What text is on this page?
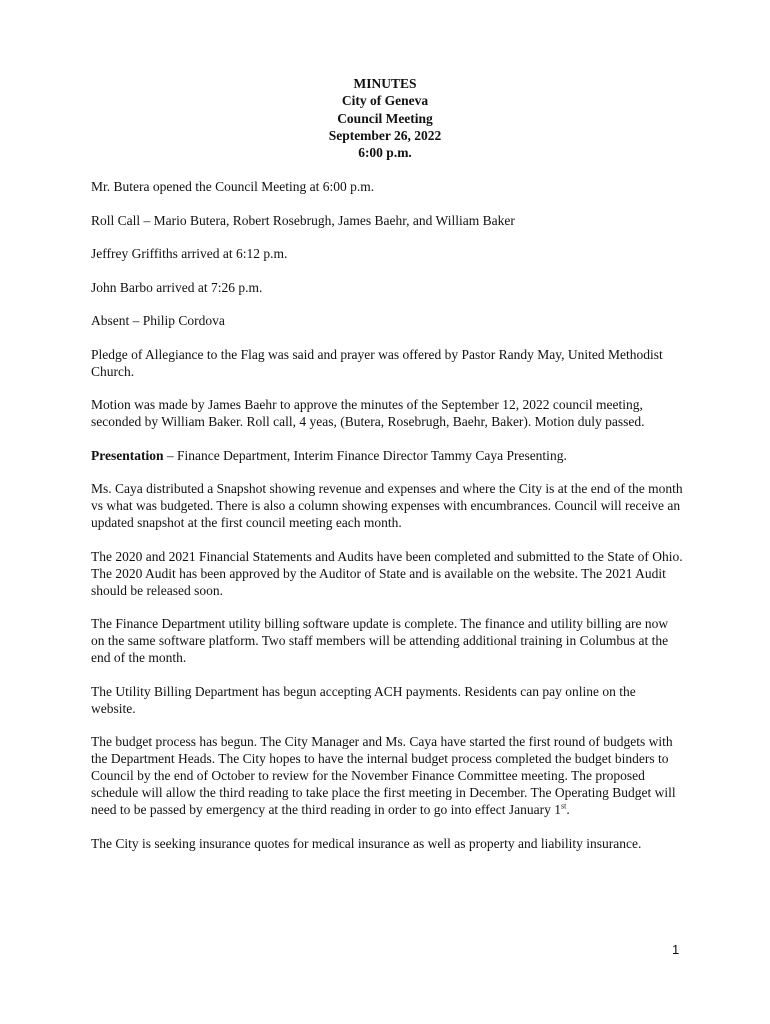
MINUTES
City of Geneva
Council Meeting
September 26, 2022
6:00 p.m.

Mr. Butera opened the Council Meeting at 6:00 p.m.

Roll Call – Mario Butera, Robert Rosebrugh, James Baehr, and William Baker

Jeffrey Griffiths arrived at 6:12 p.m.

John Barbo arrived at 7:26 p.m.

Absent – Philip Cordova

Pledge of Allegiance to the Flag was said and prayer was offered by Pastor Randy May, United Methodist Church.

Motion was made by James Baehr to approve the minutes of the September 12, 2022 council meeting, seconded by William Baker. Roll call, 4 yeas, (Butera, Rosebrugh, Baehr, Baker). Motion duly passed.

Presentation – Finance Department, Interim Finance Director Tammy Caya Presenting.

Ms. Caya distributed a Snapshot showing revenue and expenses and where the City is at the end of the month vs what was budgeted. There is also a column showing expenses with encumbrances. Council will receive an updated snapshot at the first council meeting each month.

The 2020 and 2021 Financial Statements and Audits have been completed and submitted to the State of Ohio. The 2020 Audit has been approved by the Auditor of State and is available on the website. The 2021 Audit should be released soon.

The Finance Department utility billing software update is complete. The finance and utility billing are now on the same software platform. Two staff members will be attending additional training in Columbus at the end of the month.

The Utility Billing Department has begun accepting ACH payments. Residents can pay online on the website.

The budget process has begun. The City Manager and Ms. Caya have started the first round of budgets with the Department Heads. The City hopes to have the internal budget process completed the budget binders to Council by the end of October to review for the November Finance Committee meeting. The proposed schedule will allow the third reading to take place the first meeting in December. The Operating Budget will need to be passed by emergency at the third reading in order to go into effect January 1st.

The City is seeking insurance quotes for medical insurance as well as property and liability insurance.

1
